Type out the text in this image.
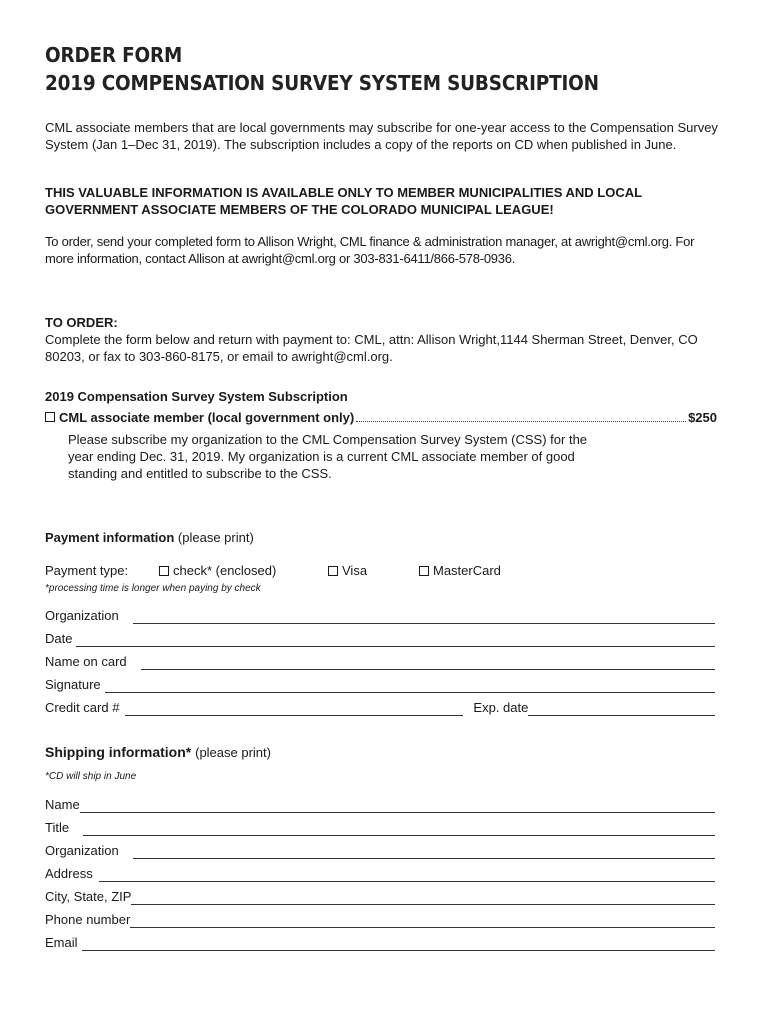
ORDER FORM
2019 COMPENSATION SURVEY SYSTEM SUBSCRIPTION

CML associate members that are local governments may subscribe for one-year access to the Compensation Survey System (Jan 1–Dec 31, 2019). The subscription includes a copy of the reports on CD when published in June.

THIS VALUABLE INFORMATION IS AVAILABLE ONLY TO MEMBER MUNICIPALITIES AND LOCAL GOVERNMENT ASSOCIATE MEMBERS OF THE COLORADO MUNICIPAL LEAGUE!

To order, send your completed form to Allison Wright, CML finance & administration manager, at awright@cml.org. For more information, contact Allison at awright@cml.org or 303-831-6411/866-578-0936.

TO ORDER:

Complete the form below and return with payment to: CML, attn: Allison Wright,1144 Sherman Street, Denver, CO 80203, or fax to 303-860-8175, or email to awright@cml.org.

2019 Compensation Survey System Subscription

CML associate member (local government only)	$250

Please subscribe my organization to the CML Compensation Survey System (CSS) for the year ending Dec. 31, 2019. My organization is a current CML associate member of good standing and entitled to subscribe to the CSS.

Payment information (please print)
Payment type:	check* (enclosed)	Visa	MasterCard
*processing time is longer when paying by check
Organization
Date
Name on card
Signature
Credit card #	Exp. date
Shipping information* (please print)
*CD will ship in June
Name
Title
Organization
Address
City, State, ZIP
Phone number
Email
